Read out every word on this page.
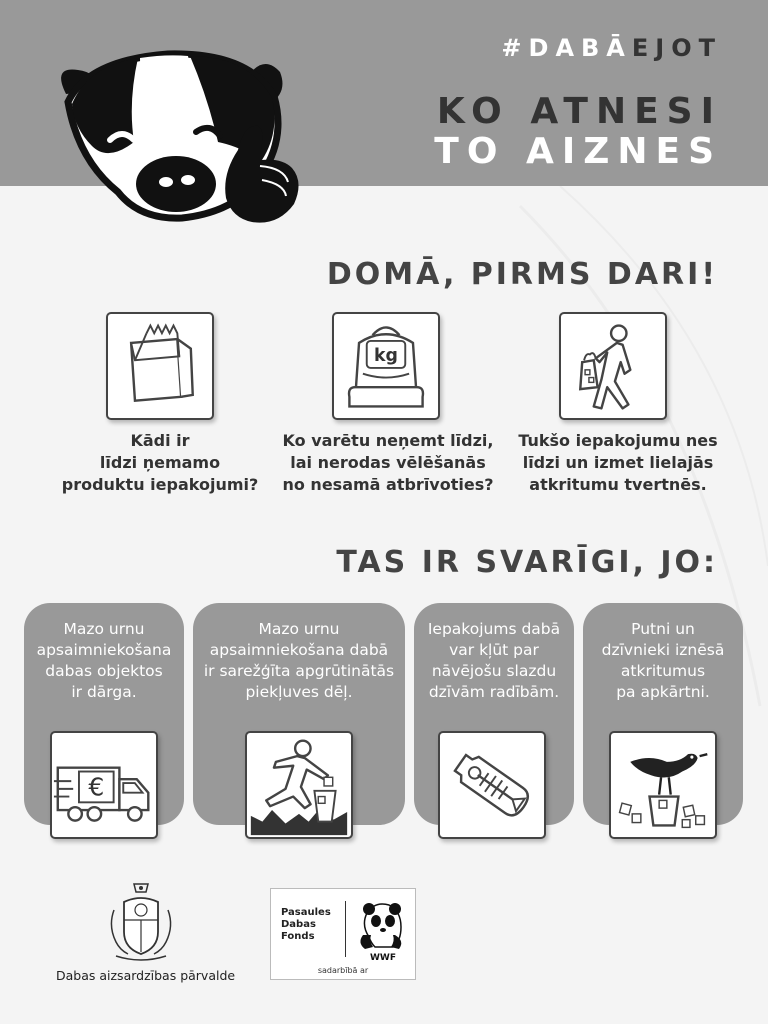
#DABĀEJOT
KO ATNESI
TO AIZNES
DOMĀ, PIRMS DARI!
kg
Kādi ir
līdzi ņemamo
produktu iepakojumi?
Ko varētu neņemt līdzi,
lai nerodas vēlēšanās
no nesamā atbrīvoties?
Tukšo iepakojumu nes
līdzi un izmet lielajās
atkritumu tvertnēs.
TAS IR SVARĪGI, JO:
Mazo urnu
apsaimniekošana
dabas objektos
ir dārga.
€
Mazo urnu
apsaimniekošana dabā
ir sarežģīta apgrūtinātās
piekļuves dēļ.
Iepakojums dabā
var kļūt par
nāvējošu slazdu
dzīvām radībām.
Putni un
dzīvnieki iznēsā
atkritumus
pa apkārtni.
Dabas aizsardzības pārvalde
Pasaules
Dabas
Fonds
WWF
sadarbībā ar
